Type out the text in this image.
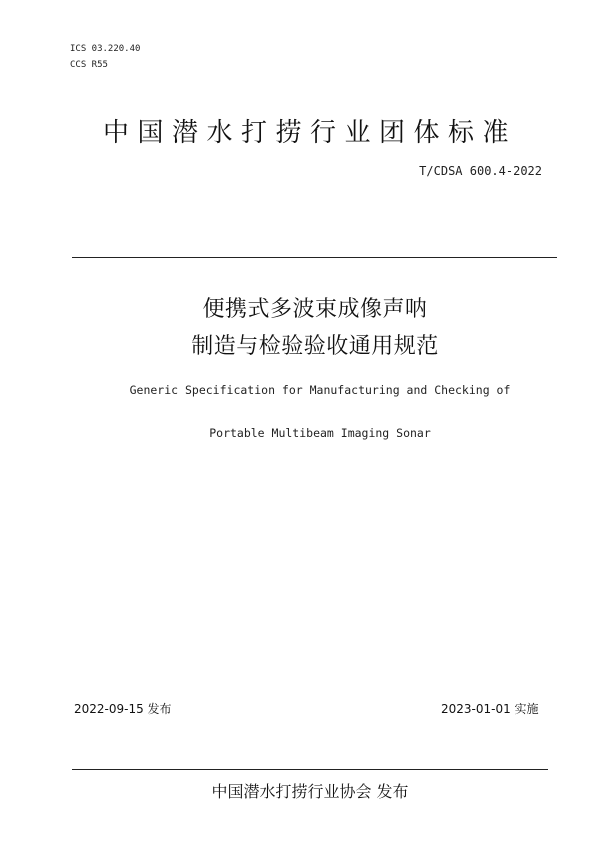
ICS 03.220.40
CCS R55
中国潜水打捞行业团体标准
T/CDSA 600.4-2022
便携式多波束成像声呐
制造与检验验收通用规范
Generic Specification for Manufacturing and Checking of
Portable Multibeam Imaging Sonar
2022-09-15 发布	2023-01-01 实施
中国潜水打捞行业协会 发布
